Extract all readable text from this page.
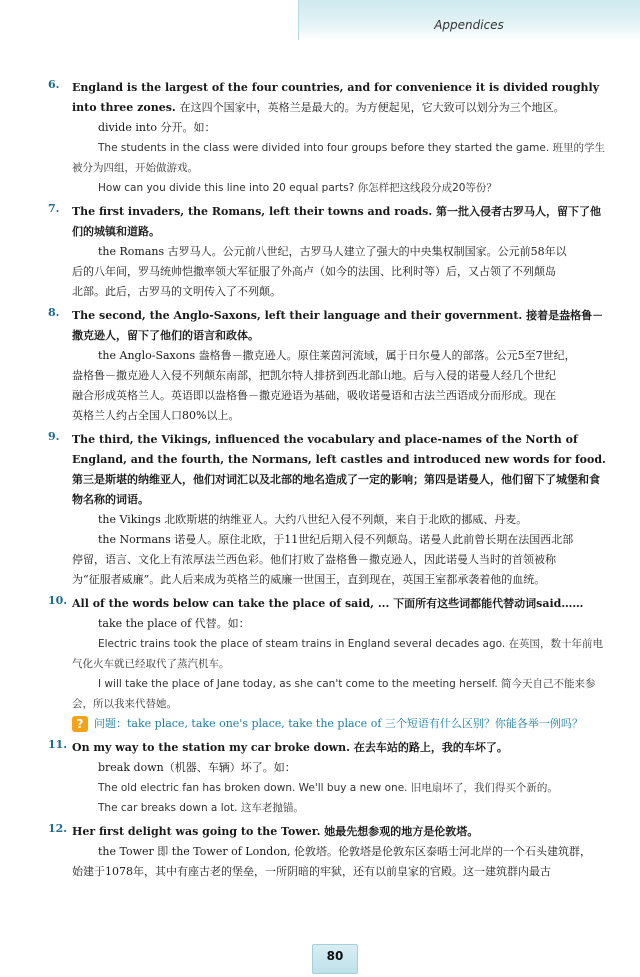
Appendices
6. England is the largest of the four countries, and for convenience it is divided roughly into three zones. 在这四个国家中，英格兰是最大的。为方便起见，它大致可以划分为三个地区。

divide into 分开。如：

The students in the class were divided into four groups before they started the game. 班里的学生

被分为四组，开始做游戏。

How can you divide this line into 20 equal parts? 你怎样把这线段分成20等份？

7. The first invaders, the Romans, left their towns and roads. 第一批入侵者古罗马人，留下了他们的城镇和道路。

the Romans 古罗马人。公元前八世纪，古罗马人建立了强大的中央集权制国家。公元前58年以

后的八年间，罗马统帅恺撒率领大军征服了外高卢（如今的法国、比利时等）后，又占领了不列颠岛

北部。此后，古罗马的文明传入了不列颠。

8. The second, the Anglo-Saxons, left their language and their government. 接着是盎格鲁－撒克逊人，留下了他们的语言和政体。

the Anglo-Saxons 盎格鲁－撒克逊人。原住莱茵河流域，属于日尔曼人的部落。公元5至7世纪，

盎格鲁－撒克逊人入侵不列颠东南部，把凯尔特人排挤到西北部山地。后与入侵的诺曼人经几个世纪

融合形成英格兰人。英语即以盎格鲁－撒克逊语为基础，吸收诺曼语和古法兰西语成分而形成。现在

英格兰人约占全国人口80%以上。

9. The third, the Vikings, influenced the vocabulary and place-names of the North of England, and the fourth, the Normans, left castles and introduced new words for food. 第三是斯堪的纳维亚人，他们对词汇以及北部的地名造成了一定的影响；第四是诺曼人，他们留下了城堡和食物名称的词语。

the Vikings 北欧斯堪的纳维亚人。大约八世纪入侵不列颠，来自于北欧的挪威、丹麦。

the Normans 诺曼人。原住北欧，于11世纪后期入侵不列颠岛。诺曼人此前曾长期在法国西北部

停留，语言、文化上有浓厚法兰西色彩。他们打败了盎格鲁－撒克逊人，因此诺曼人当时的首领被称

为“征服者威廉”。此人后来成为英格兰的威廉一世国王，直到现在，英国王室都承袭着他的血统。

10. All of the words below can take the place of said, ... 下面所有这些词都能代替动词said……

take the place of 代替。如：

Electric trains took the place of steam trains in England several decades ago. 在英国，数十年前电

气化火车就已经取代了蒸汽机车。

I will take the place of Jane today, as she can't come to the meeting herself. 简今天自己不能来参

会，所以我来代替她。

? 问题：take place, take one's place, take the place of 三个短语有什么区别？你能各举一例吗？
11. On my way to the station my car broke down. 在去车站的路上，我的车坏了。

break down（机器、车辆）坏了。如：

The old electric fan has broken down. We'll buy a new one. 旧电扇坏了，我们得买个新的。

The car breaks down a lot. 这车老抛锚。

12. Her first delight was going to the Tower. 她最先想参观的地方是伦敦塔。

the Tower 即 the Tower of London, 伦敦塔。伦敦塔是伦敦东区泰晤士河北岸的一个石头建筑群，

始建于1078年，其中有座古老的堡垒，一所阴暗的牢狱，还有以前皇家的官殿。这一建筑群内最古

80
